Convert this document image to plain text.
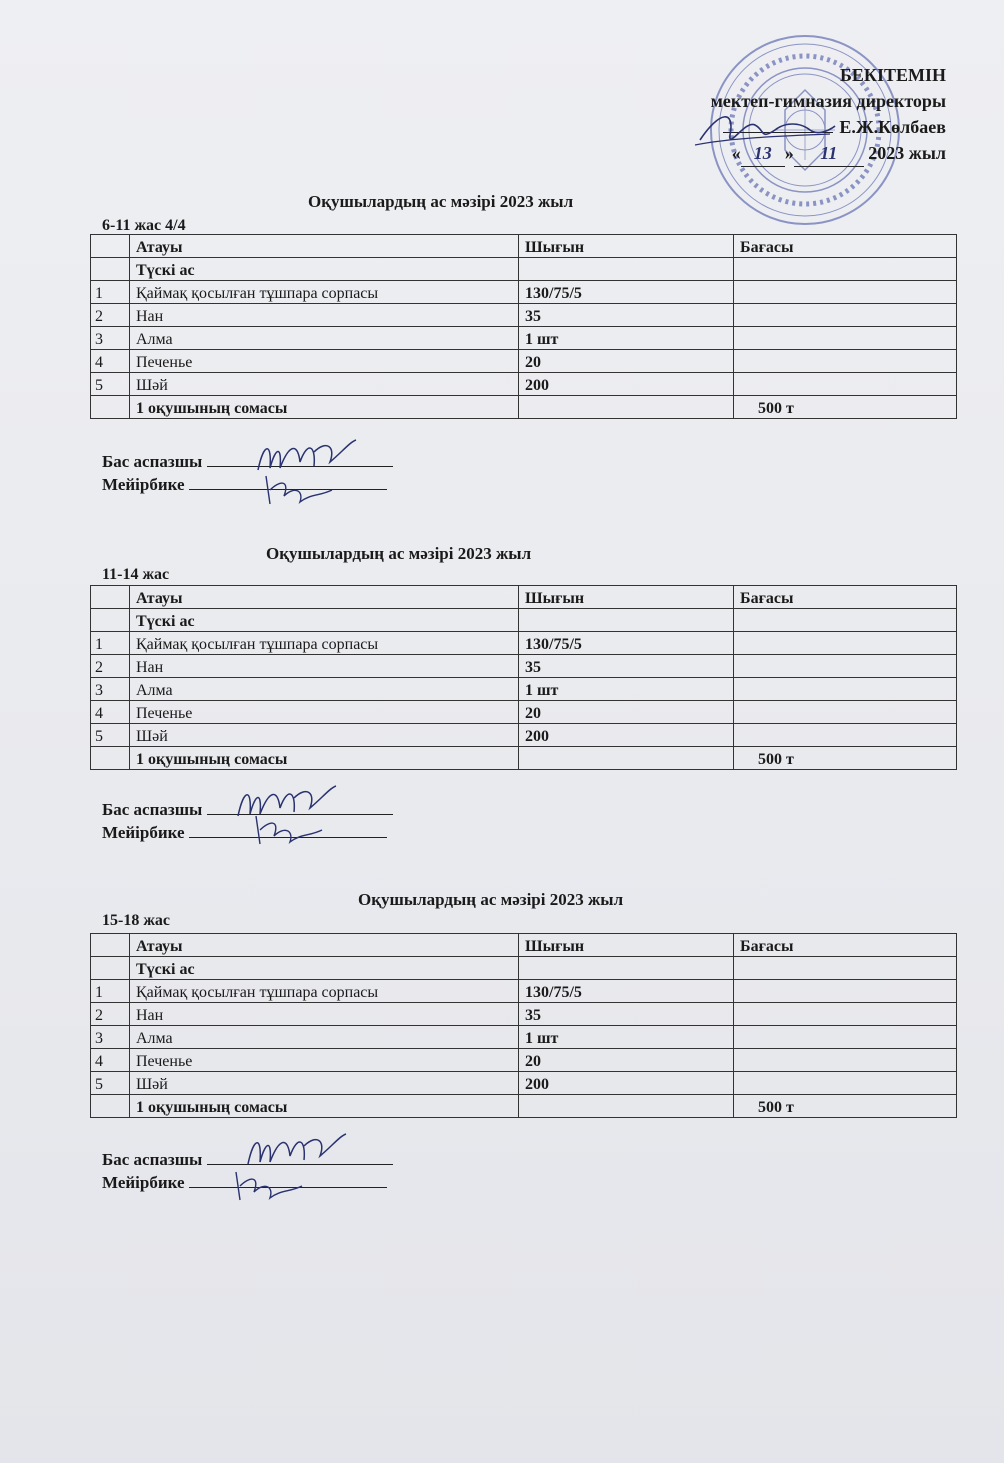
БЕКІТЕМІН
мектеп-гимназия директоры
Е.Ж.Көлбаев
« 13 » 11 2023 жыл
Оқушылардың ас мәзірі 2023 жыл
6-11 жас 4/4
	Атауы	Шығын	Бағасы
	Түскі ас		
1	Қаймақ қосылған тұшпара сорпасы	130/75/5	
2	Нан	35	
3	Алма	1 шт	
4	Печенье	20	
5	Шәй	200	
	1 оқушының сомасы		500 т
Бас аспазшы
Мейірбике
Оқушылардың ас мәзірі 2023 жыл
11-14 жас
	Атауы	Шығын	Бағасы
	Түскі ас		
1	Қаймақ қосылған тұшпара сорпасы	130/75/5	
2	Нан	35	
3	Алма	1 шт	
4	Печенье	20	
5	Шәй	200	
	1 оқушының сомасы		500 т
Бас аспазшы
Мейірбике
Оқушылардың ас мәзірі 2023 жыл
15-18 жас
	Атауы	Шығын	Бағасы
	Түскі ас		
1	Қаймақ қосылған тұшпара сорпасы	130/75/5	
2	Нан	35	
3	Алма	1 шт	
4	Печенье	20	
5	Шәй	200	
	1 оқушының сомасы		500 т
Бас аспазшы
Мейірбике
